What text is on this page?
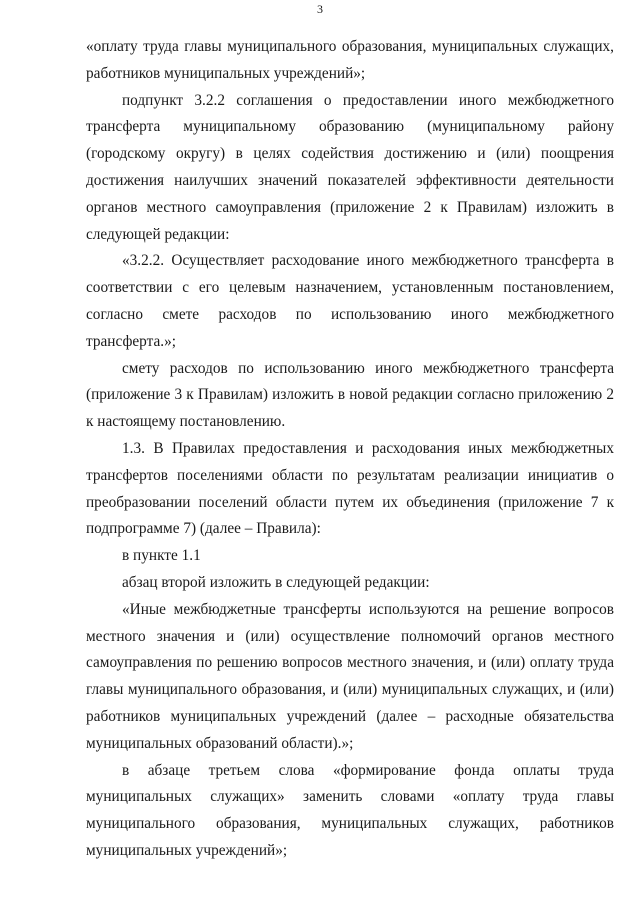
3

«оплату труда главы муниципального образования, муниципальных служащих, работников муниципальных учреждений»;

подпункт 3.2.2 соглашения о предоставлении иного межбюджетного трансферта муниципальному образованию (муниципальному району (городскому округу) в целях содействия достижению и (или) поощрения достижения наилучших значений показателей эффективности деятельности органов местного самоуправления (приложение 2 к Правилам) изложить в следующей редакции:

«3.2.2. Осуществляет расходование иного межбюджетного трансферта в соответствии с его целевым назначением, установленным постановлением, согласно смете расходов по использованию иного межбюджетного трансферта.»;

смету расходов по использованию иного межбюджетного трансферта (приложение 3 к Правилам) изложить в новой редакции согласно приложению 2 к настоящему постановлению.

1.3. В Правилах предоставления и расходования иных межбюджетных трансфертов поселениями области по результатам реализации инициатив о преобразовании поселений области путем их объединения (приложение 7 к подпрограмме 7) (далее – Правила):

в пункте 1.1

абзац второй изложить в следующей редакции:

«Иные межбюджетные трансферты используются на решение вопросов местного значения и (или) осуществление полномочий органов местного самоуправления по решению вопросов местного значения, и (или) оплату труда главы муниципального образования, и (или) муниципальных служащих, и (или) работников муниципальных учреждений (далее – расходные обязательства муниципальных образований области).»;

в абзаце третьем слова «формирование фонда оплаты труда муниципальных служащих» заменить словами «оплату труда главы муниципального образования, муниципальных служащих, работников муниципальных учреждений»;
